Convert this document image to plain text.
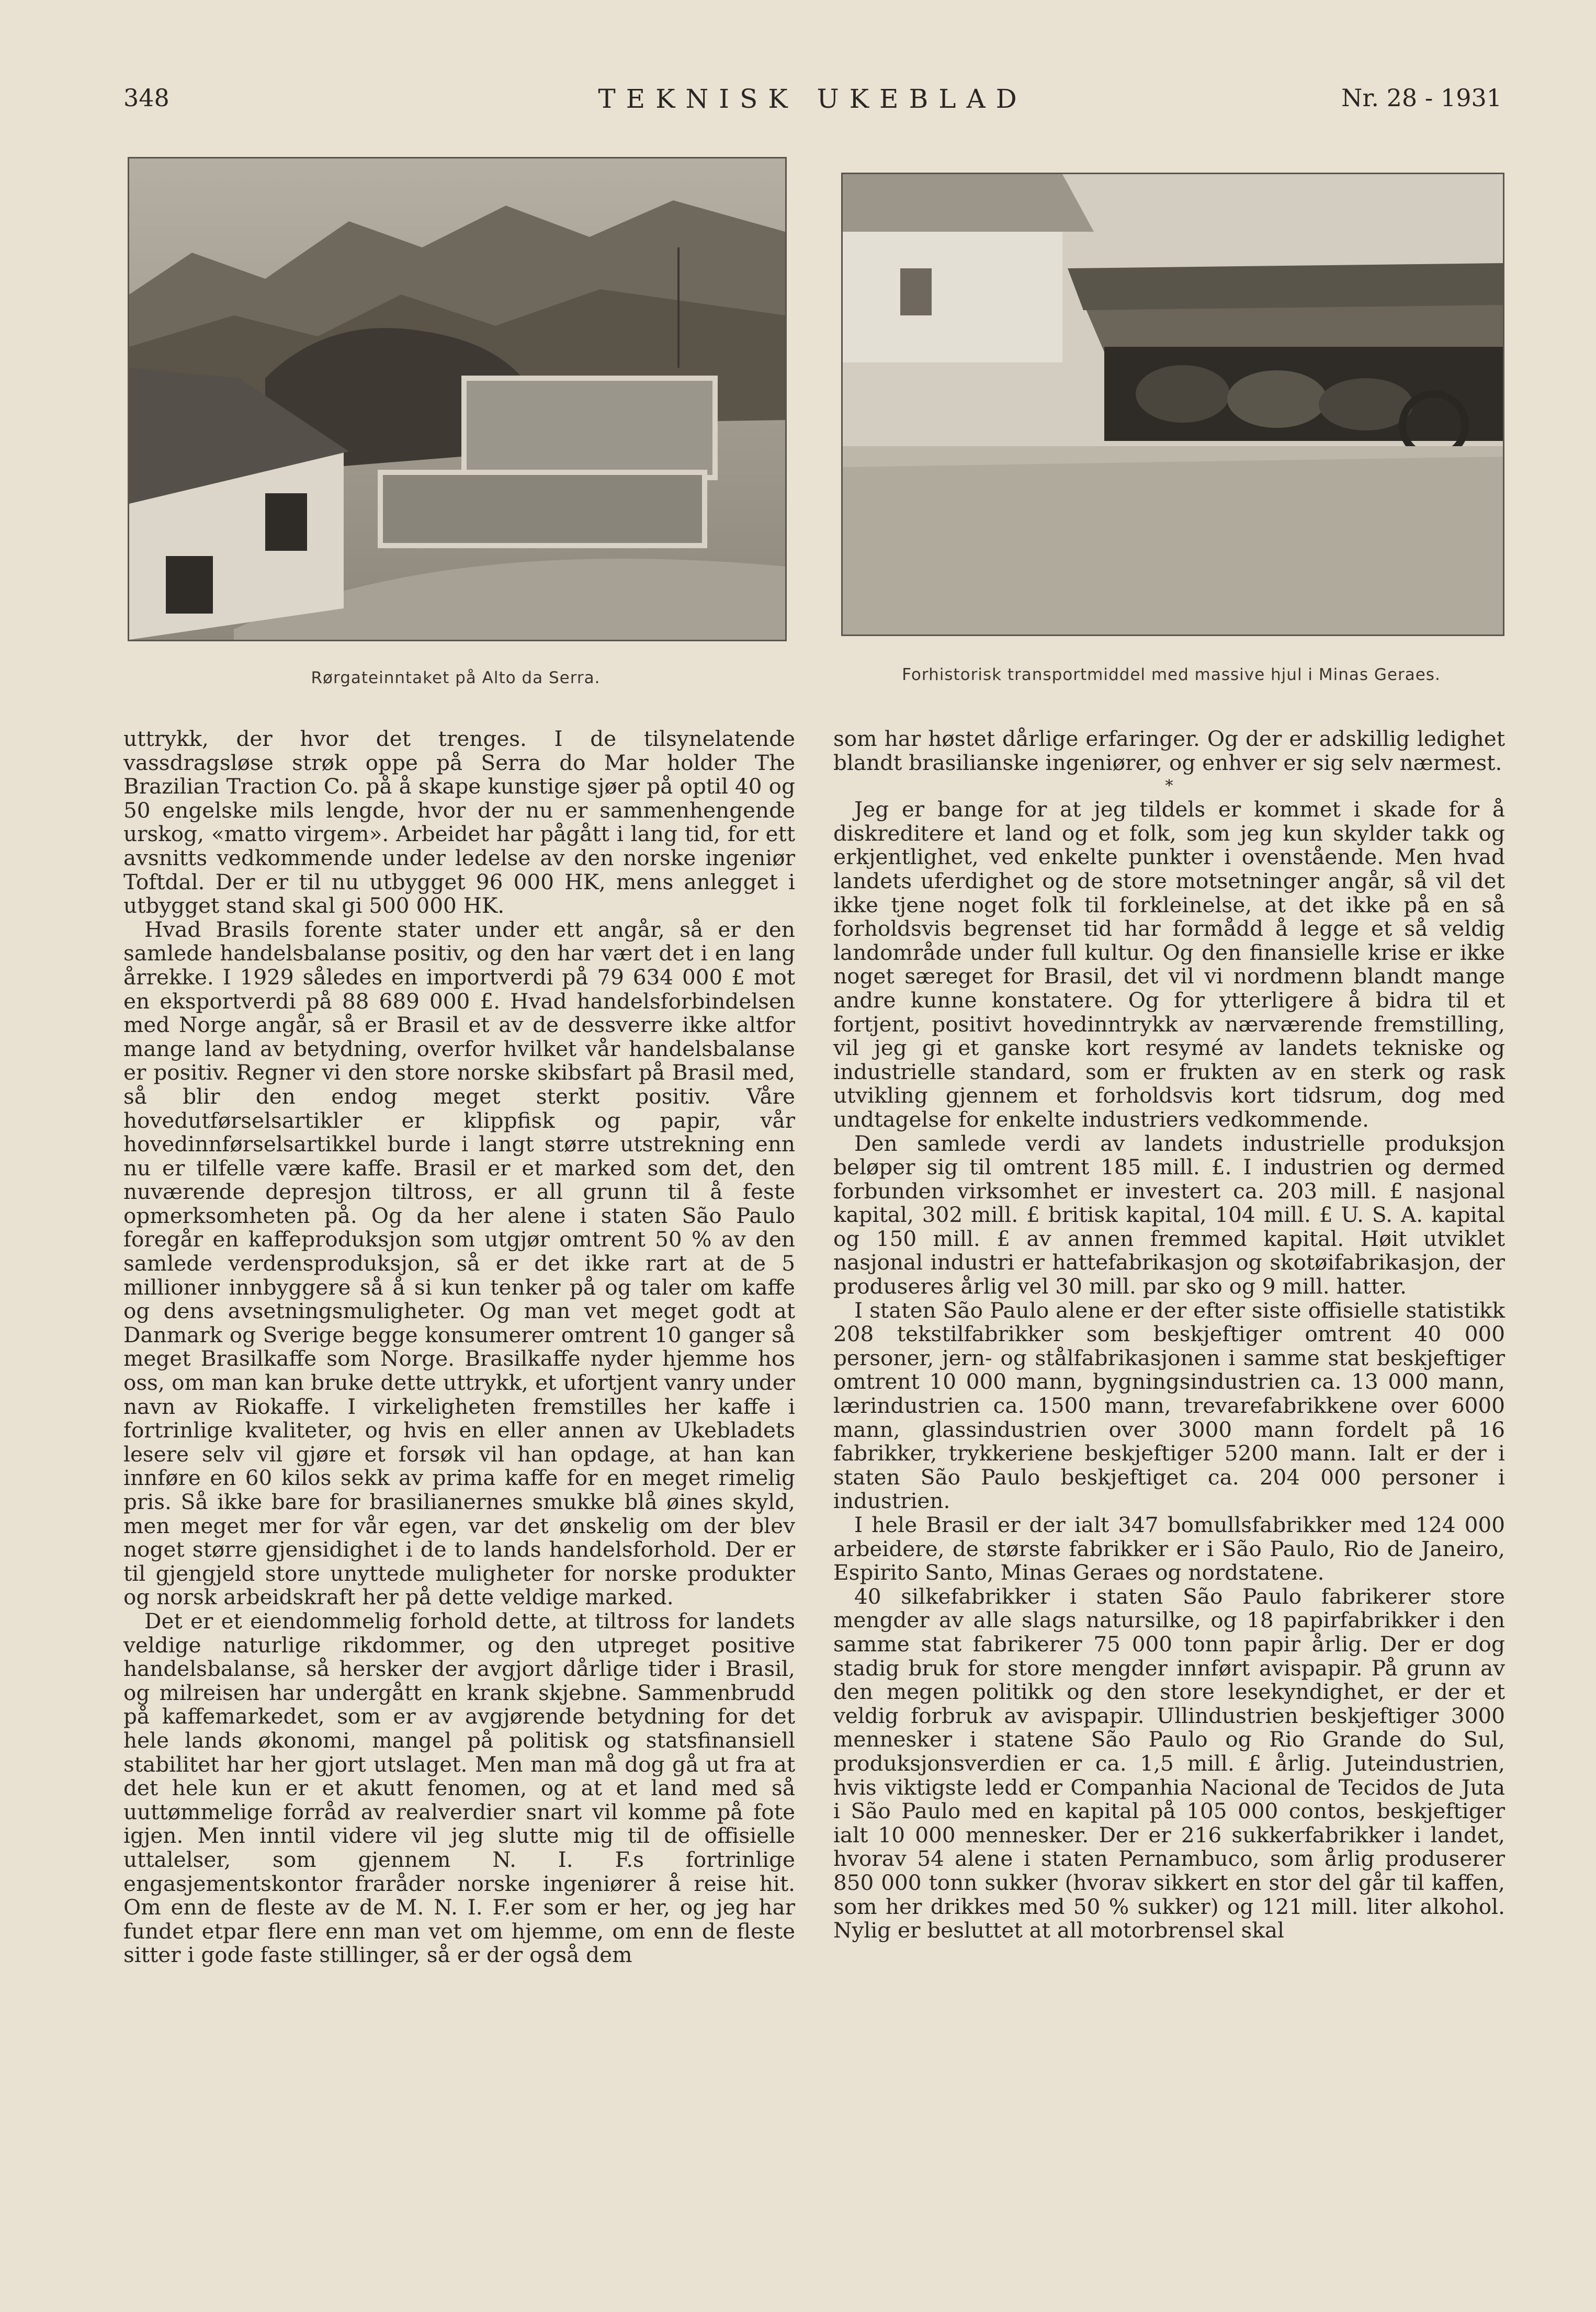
348	TEKNISK UKEBLAD	Nr. 28 - 1931
Rørgateinntaket på Alto da Serra.	Forhistorisk transportmiddel med massive hjul i Minas Geraes.

uttrykk, der hvor det trenges. I de tilsynelatende vassdragsløse strøk oppe på Serra do Mar holder The Brazilian Traction Co. på å skape kunstige sjøer på optil 40 og 50 engelske mils lengde, hvor der nu er sammenhengende urskog, «matto virgem». Arbeidet har pågått i lang tid, for ett avsnitts vedkommende under ledelse av den norske ingeniør Toftdal. Der er til nu utbygget 96 000 HK, mens anlegget i utbygget stand skal gi 500 000 HK.

Hvad Brasils forente stater under ett angår, så er den samlede handelsbalanse positiv, og den har vært det i en lang årrekke. I 1929 således en importverdi på 79 634 000 £ mot en eksportverdi på 88 689 000 £. Hvad handelsforbindelsen med Norge angår, så er Brasil et av de dessverre ikke altfor mange land av betydning, overfor hvilket vår handelsbalanse er positiv. Regner vi den store norske skibsfart på Brasil med, så blir den endog meget sterkt positiv. Våre hovedutførselsartikler er klippfisk og papir, vår hovedinnførselsartikkel burde i langt større utstrekning enn nu er tilfelle være kaffe. Brasil er et marked som det, den nuværende depresjon tiltross, er all grunn til å feste opmerksomheten på. Og da her alene i staten São Paulo foregår en kaffeproduksjon som utgjør omtrent 50 % av den samlede verdensproduksjon, så er det ikke rart at de 5 millioner innbyggere så å si kun tenker på og taler om kaffe og dens avsetningsmuligheter. Og man vet meget godt at Danmark og Sverige begge konsumerer omtrent 10 ganger så meget Brasilkaffe som Norge. Brasilkaffe nyder hjemme hos oss, om man kan bruke dette uttrykk, et ufortjent vanry under navn av Riokaffe. I virkeligheten fremstilles her kaffe i fortrinlige kvaliteter, og hvis en eller annen av Ukebladets lesere selv vil gjøre et forsøk vil han opdage, at han kan innføre en 60 kilos sekk av prima kaffe for en meget rimelig pris. Så ikke bare for brasilianernes smukke blå øines skyld, men meget mer for vår egen, var det ønskelig om der blev noget større gjensidighet i de to lands handelsforhold. Der er til gjengjeld store unyttede muligheter for norske produkter og norsk arbeidskraft her på dette veldige marked.

Det er et eiendommelig forhold dette, at tiltross for landets veldige naturlige rikdommer, og den utpreget positive handelsbalanse, så hersker der avgjort dårlige tider i Brasil, og milreisen har undergått en krank skjebne. Sammenbrudd på kaffemarkedet, som er av avgjørende betydning for det hele lands økonomi, mangel på politisk og statsfinansiell stabilitet har her gjort utslaget. Men man må dog gå ut fra at det hele kun er et akutt fenomen, og at et land med så uuttømmelige forråd av realverdier snart vil komme på fote igjen. Men inntil videre vil jeg slutte mig til de offisielle uttalelser, som gjennem N. I. F.s fortrinlige engasjementskontor fraråder norske ingeniører å reise hit. Om enn de fleste av de M. N. I. F.er som er her, og jeg har fundet etpar flere enn man vet om hjemme, om enn de fleste sitter i gode faste stillinger, så er der også dem

som har høstet dårlige erfaringer. Og der er adskillig ledighet blandt brasilianske ingeniører, og enhver er sig selv nærmest.

*

Jeg er bange for at jeg tildels er kommet i skade for å diskreditere et land og et folk, som jeg kun skylder takk og erkjentlighet, ved enkelte punkter i ovenstående. Men hvad landets uferdighet og de store motsetninger angår, så vil det ikke tjene noget folk til forkleinelse, at det ikke på en så forholdsvis begrenset tid har formådd å legge et så veldig landområde under full kultur. Og den finansielle krise er ikke noget særeget for Brasil, det vil vi nordmenn blandt mange andre kunne konstatere. Og for ytterligere å bidra til et fortjent, positivt hovedinntrykk av nærværende fremstilling, vil jeg gi et ganske kort resymé av landets tekniske og industrielle standard, som er frukten av en sterk og rask utvikling gjennem et forholdsvis kort tidsrum, dog med undtagelse for enkelte industriers vedkommende.

Den samlede verdi av landets industrielle produksjon beløper sig til omtrent 185 mill. £. I industrien og dermed forbunden virksomhet er investert ca. 203 mill. £ nasjonal kapital, 302 mill. £ britisk kapital, 104 mill. £ U. S. A. kapital og 150 mill. £ av annen fremmed kapital. Høit utviklet nasjonal industri er hattefabrikasjon og skotøifabrikasjon, der produseres årlig vel 30 mill. par sko og 9 mill. hatter.

I staten São Paulo alene er der efter siste offisielle statistikk 208 tekstilfabrikker som beskjeftiger omtrent 40 000 personer, jern- og stålfabrikasjonen i samme stat beskjeftiger omtrent 10 000 mann, bygningsindustrien ca. 13 000 mann, lærindustrien ca. 1500 mann, trevarefabrikkene over 6000 mann, glassindustrien over 3000 mann fordelt på 16 fabrikker, trykkeriene beskjeftiger 5200 mann. Ialt er der i staten São Paulo beskjeftiget ca. 204 000 personer i industrien.

I hele Brasil er der ialt 347 bomullsfabrikker med 124 000 arbeidere, de største fabrikker er i São Paulo, Rio de Janeiro, Espirito Santo, Minas Geraes og nordstatene.

40 silkefabrikker i staten São Paulo fabrikerer store mengder av alle slags natursilke, og 18 papirfabrikker i den samme stat fabrikerer 75 000 tonn papir årlig. Der er dog stadig bruk for store mengder innført avispapir. På grunn av den megen politikk og den store lesekyndighet, er der et veldig forbruk av avispapir. Ullindustrien beskjeftiger 3000 mennesker i statene São Paulo og Rio Grande do Sul, produksjonsverdien er ca. 1,5 mill. £ årlig. Juteindustrien, hvis viktigste ledd er Companhia Nacional de Tecidos de Juta i São Paulo med en kapital på 105 000 contos, beskjeftiger ialt 10 000 mennesker. Der er 216 sukkerfabrikker i landet, hvorav 54 alene i staten Pernambuco, som årlig produserer 850 000 tonn sukker (hvorav sikkert en stor del går til kaffen, som her drikkes med 50 % sukker) og 121 mill. liter alkohol. Nylig er besluttet at all motorbrensel skal
